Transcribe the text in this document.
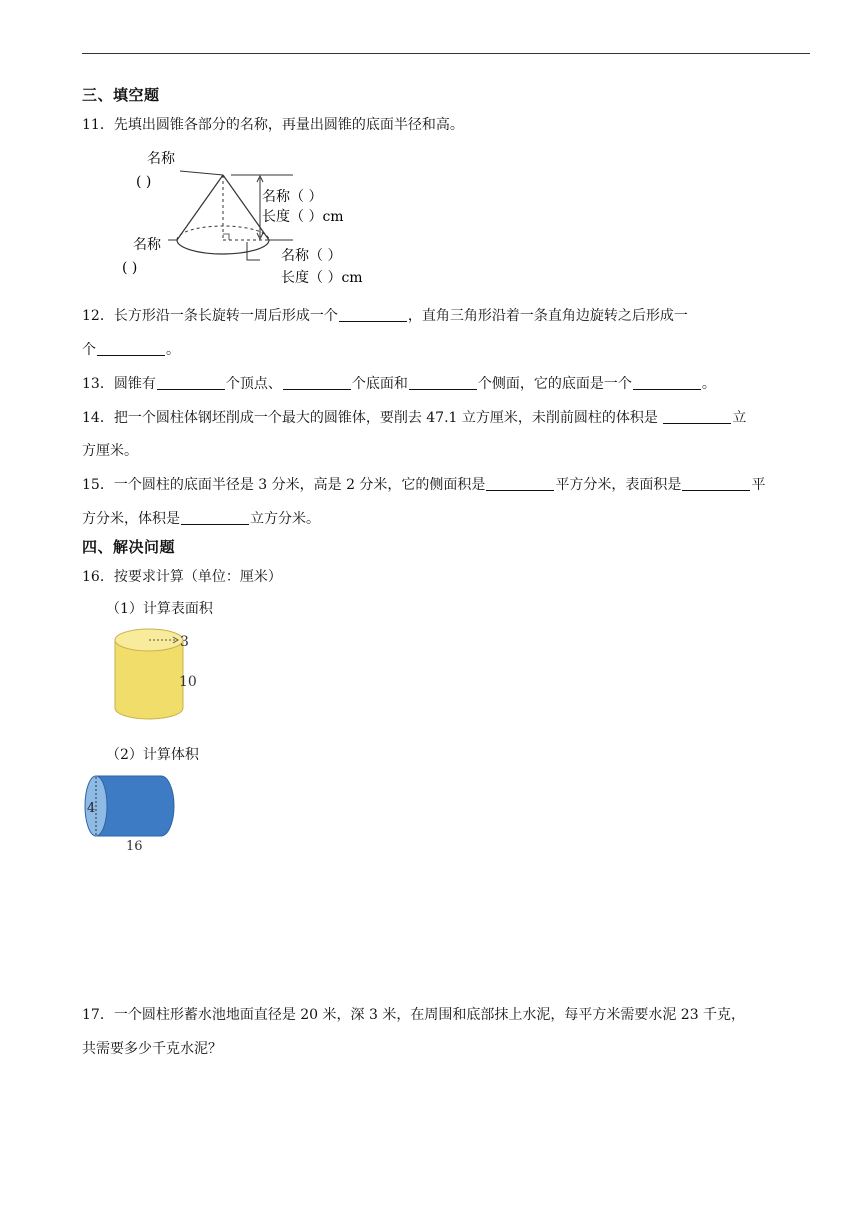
三、填空题
11．先填出圆锥各部分的名称，再量出圆锥的底面半径和高。
名称
( )
名称（ ）
长度（ ）cm
名称
( )
名称（ ）
长度（ ）cm
12．长方形沿一条长旋转一周后形成一个	，直角三角形沿着一条直角边旋转之后形成一
个	。
13．圆锥有	个顶点、	个底面和	个侧面，它的底面是一个	。
14．把一个圆柱体钢坯削成一个最大的圆锥体，要削去 47.1 立方厘米，未削前圆柱的体积是	立
方厘米。
15．一个圆柱的底面半径是 3 分米，高是 2 分米，它的侧面积是	平方分米，表面积是	平
方分米，体积是	立方分米。
四、解决问题
16．按要求计算（单位：厘米）
（1）计算表面积
3
10
（2）计算体积
4
16
17．一个圆柱形蓄水池地面直径是 20 米，深 3 米，在周围和底部抹上水泥，每平方米需要水泥 23 千克，
共需要多少千克水泥？
